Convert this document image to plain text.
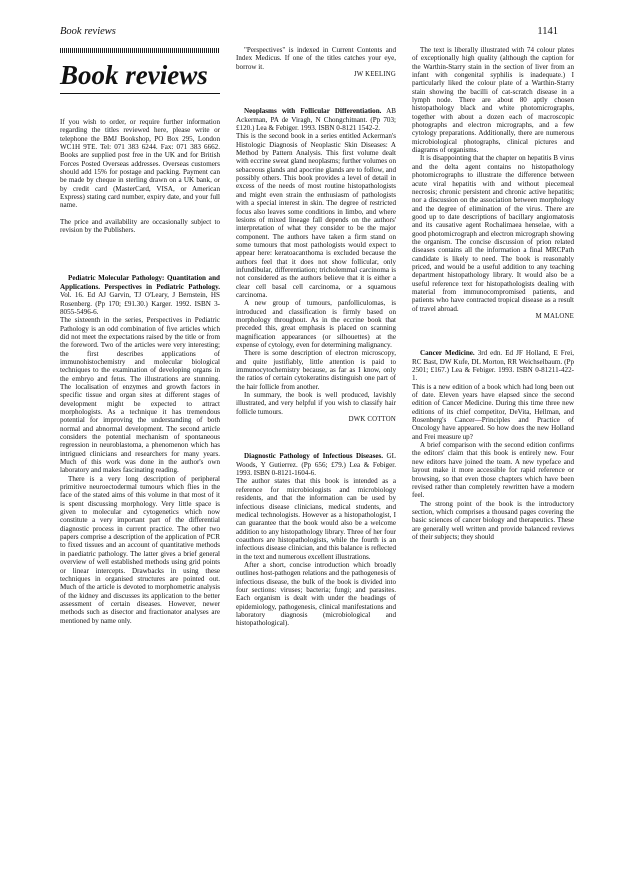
Book reviews	1141
Book reviews

If you wish to order, or require further information regarding the titles reviewed here, please write or telephone the BMJ Bookshop, PO Box 295, London WC1H 9TE. Tel: 071 383 6244. Fax: 071 383 6662. Books are supplied post free in the UK and for British Forces Posted Overseas addresses. Overseas customers should add 15% for postage and packing. Payment can be made by cheque in sterling drawn on a UK bank, or by credit card (MasterCard, VISA, or American Express) stating card number, expiry date, and your full name.

The price and availability are occasionally subject to revision by the Publishers.

Pediatric Molecular Pathology: Quantitation and Applications. Perspectives in Pediatric Pathology. Vol. 16. Ed AJ Garvin, TJ O'Leary, J Bernstein, HS Rosenberg. (Pp 170; £91.30.) Karger. 1992. ISBN 3-8055-5496-6.

The sixteenth in the series, Perspectives in Pediatric Pathology is an odd combination of five articles which did not meet the expectations raised by the title or from the foreword. Two of the articles were very interesting; the first describes applications of immunohistochemistry and molecular biological techniques to the examination of developing organs in the embryo and fetus. The illustrations are stunning. The localisation of enzymes and growth factors in specific tissue and organ sites at different stages of development might be expected to attract morphologists. As a technique it has tremendous potential for improving the understanding of both normal and abnormal development. The second article considers the potential mechanism of spontaneous regression in neuroblastoma, a phenomenon which has intrigued clinicians and researchers for many years. Much of this work was done in the author's own laboratory and makes fascinating reading.

There is a very long description of peripheral primitive neuroectodermal tumours which flies in the face of the stated aims of this volume in that most of it is spent discussing morphology. Very little space is given to molecular and cytogenetics which now constitute a very important part of the differential diagnostic process in current practice. The other two papers comprise a description of the application of PCR to fixed tissues and an account of quantitative methods in paediatric pathology. The latter gives a brief general overview of well established methods using grid points or linear intercepts. Drawbacks in using these techniques in organised structures are pointed out. Much of the article is devoted to morphometric analysis of the kidney and discusses its application to the better assessment of certain diseases. However, newer methods such as disector and fractionator analyses are mentioned by name only.

"Perspectives" is indexed in Current Contents and Index Medicus. If one of the titles catches your eye, borrow it.

JW KEELING

Neoplasms with Follicular Differentiation. AB Ackerman, PA de Viragh, N Chongchitnant. (Pp 703; £120.) Lea & Febiger. 1993. ISBN 0-8121 1542-2.

This is the second book in a series entitled Ackerman's Histologic Diagnosis of Neoplastic Skin Diseases: A Method by Pattern Analysis. This first volume dealt with eccrine sweat gland neoplasms; further volumes on sebaceous glands and apocrine glands are to follow, and possibly others. This book provides a level of detail in excess of the needs of most routine histopathologists and might even strain the enthusiasm of pathologists with a special interest in skin. The degree of restricted focus also leaves some conditions in limbo, and where lesions of mixed lineage fall depends on the authors' interpretation of what they consider to be the major component. The authors have taken a firm stand on some tumours that most pathologists would expect to appear here: keratoacanthoma is excluded because the authors feel that it does not show follicular, only infundibular, differentiation; tricholemmal carcinoma is not considered as the authors believe that it is either a clear cell basal cell carcinoma, or a squamous carcinoma.

A new group of tumours, panfolliculomas, is introduced and classification is firmly based on morphology throughout. As in the eccrine book that preceded this, great emphasis is placed on scanning magnification appearances (or silhouettes) at the expense of cytology, even for determining malignancy.

There is some description of electron microscopy, and quite justifiably, little attention is paid to immunocytochemistry because, as far as I know, only the ratios of certain cytokeratins distinguish one part of the hair follicle from another.

In summary, the book is well produced, lavishly illustrated, and very helpful if you wish to classify hair follicle tumours.

DWK COTTON

Diagnostic Pathology of Infectious Diseases. GL Woods, Y Gutierrez. (Pp 656; £79.) Lea & Febiger. 1993. ISBN 0-8121-1604-6.

The author states that this book is intended as a reference for microbiologists and microbiology residents, and that the information can be used by infectious disease clinicians, medical students, and medical technologists. However as a histopathologist, I can guarantee that the book would also be a welcome addition to any histopathology library. Three of her four coauthors are histopathologists, while the fourth is an infectious disease clinician, and this balance is reflected in the text and numerous excellent illustrations.

After a short, concise introduction which broadly outlines host-pathogen relations and the pathogenesis of infectious disease, the bulk of the book is divided into four sections: viruses; bacteria; fungi; and parasites. Each organism is dealt with under the headings of epidemiology, pathogenesis, clinical manifestations and laboratory diagnosis (microbiological and histopathological).

The text is liberally illustrated with 74 colour plates of exceptionally high quality (although the caption for the Warthin-Starry stain in the section of liver from an infant with congenital syphilis is inadequate.) I particularly liked the colour plate of a Warthin-Starry stain showing the bacilli of cat-scratch disease in a lymph node. There are about 80 aptly chosen histopathology black and white photomicrographs, together with about a dozen each of macroscopic photographs and electron micrographs, and a few cytology preparations. Additionally, there are numerous microbiological photographs, clinical pictures and diagrams of organisms.

It is disappointing that the chapter on hepatitis B virus and the delta agent contains no histopathology photomicrographs to illustrate the difference between acute viral hepatitis with and without piecemeal necrosis; chronic persistent and chronic active hepatitis; nor a discussion on the association between morphology and the degree of elimination of the virus. There are good up to date descriptions of bacillary angiomatosis and its causative agent Rochalimaea henselae, with a good photomicrograph and electron micrograph showing the organism. The concise discussion of prion related diseases contains all the information a final MRCPath candidate is likely to need. The book is reasonably priced, and would be a useful addition to any teaching department histopathology library. It would also be a useful reference text for histopathologists dealing with material from immunocompromised patients, and patients who have contracted tropical disease as a result of travel abroad.

M MALONE

Cancer Medicine. 3rd edn. Ed JF Holland, E Frei, RC Bast, DW Kufe, DL Morton, RR Weichselbaum. (Pp 2501; £167.) Lea & Febiger. 1993. ISBN 0-81211-422-1.

This is a new edition of a book which had long been out of date. Eleven years have elapsed since the second edition of Cancer Medicine. During this time three new editions of its chief competitor, DeVita, Hellman, and Rosenberg's Cancer—Principles and Practice of Oncology have appeared. So how does the new Holland and Frei measure up?

A brief comparison with the second edition confirms the editors' claim that this book is entirely new. Four new editors have joined the team. A new typeface and layout make it more accessible for rapid reference or browsing, so that even those chapters which have been revised rather than completely rewritten have a modern feel.

The strong point of the book is the introductory section, which comprises a thousand pages covering the basic sciences of cancer biology and therapeutics. These are generally well written and provide balanced reviews of their subjects; they should
